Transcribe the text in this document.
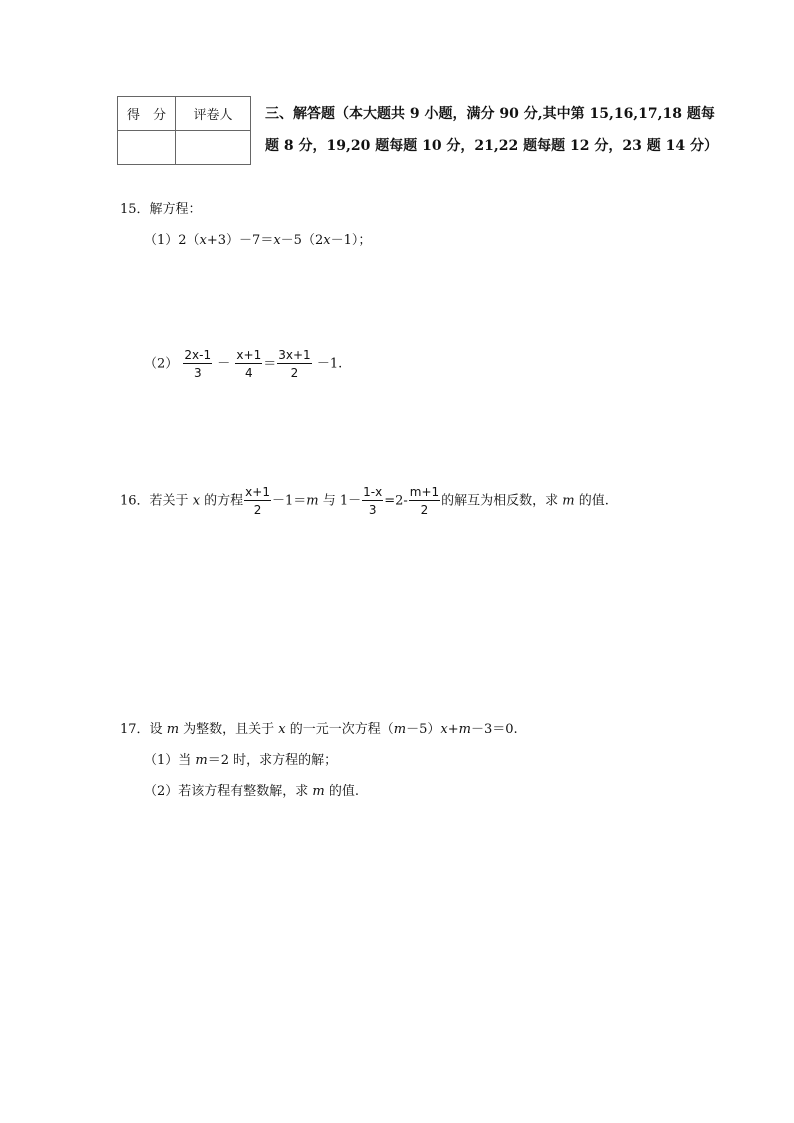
得　分	评卷人
	三、解答题（本大题共 9 小题，满分 90 分,其中第 15,16,17,18 题每
题 8 分，19,20 题每题 10 分，21,22 题每题 12 分，23 题 14 分）
15．解方程：
（1）2（x+3）－7＝x－5（2x－1）；
$(2) \frac{2x-1}{3} - \frac{x+1}{4} = \frac{3x+1}{2} -1$.
16．若关于 x 的方程 $\frac{x+1}{2} -1=m$ 与 $1- \frac{1-x}{3} =2- \frac{m+1}{2}$ 的解互为相反数，求 m 的值.
17．设 m 为整数，且关于 x 的一元一次方程（m－5）x+m－3＝0.
（1）当 m＝2 时，求方程的解；
（2）若该方程有整数解，求 m 的值.
